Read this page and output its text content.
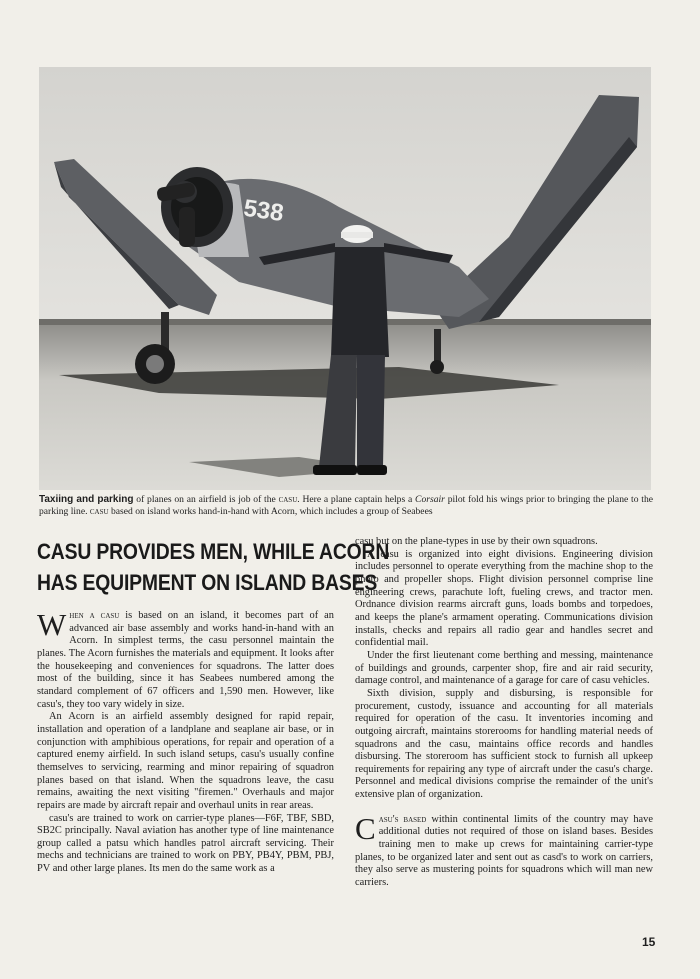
538
Taxiing and parking of planes on an airfield is job of the casu. Here a plane captain helps a Corsair pilot fold his wings prior to bringing the plane to the parking line. casu based on island works hand-in-hand with Acorn, which includes a group of Seabees
CASU PROVIDES MEN, WHILE ACORN
HAS EQUIPMENT ON ISLAND BASES

When a casu is based on an island, it becomes part of an advanced air base assembly and works hand-in-hand with an Acorn. In simplest terms, the casu personnel maintain the planes. The Acorn furnishes the materials and equipment. It looks after the housekeeping and conveniences for squadrons. The latter does most of the building, since it has Seabees numbered among the standard complement of 67 officers and 1,590 men. However, like casu's, they too vary widely in size.

An Acorn is an airfield assembly designed for rapid repair, installation and operation of a landplane and seaplane air base, or in conjunction with amphibious operations, for repair and operation of a captured enemy airfield. In such island setups, casu's usually confine themselves to servicing, rearming and minor repairing of squadron planes based on that island. When the squadrons leave, the casu remains, awaiting the next visiting "firemen." Overhauls and major repairs are made by aircraft repair and overhaul units in rear areas.

casu's are trained to work on carrier-type planes—F6F, TBF, SBD, SB2C principally. Naval aviation has another type of line maintenance group called a patsu which handles patrol aircraft servicing. Their mechs and technicians are trained to work on PBY, PB4Y, PBM, PBJ, PV and other large planes. Its men do the same work as a

casu but on the plane-types in use by their own squadrons.

A casu is organized into eight divisions. Engineering division includes personnel to operate everything from the machine shop to the photo and propeller shops. Flight division personnel comprise line engineering crews, parachute loft, fueling crews, and tractor men. Ordnance division rearms aircraft guns, loads bombs and torpedoes, and keeps the plane's armament operating. Communications division installs, checks and repairs all radio gear and handles secret and confidential mail.

Under the first lieutenant come berthing and messing, maintenance of buildings and grounds, carpenter shop, fire and air raid security, damage control, and maintenance of a garage for care of casu vehicles.

Sixth division, supply and disbursing, is responsible for procurement, custody, issuance and accounting for all materials required for operation of the casu. It inventories incoming and outgoing aircraft, maintains storerooms for handling material needs of squadrons and the casu, maintains office records and handles disbursing. The storeroom has sufficient stock to furnish all upkeep requirements for repairing any type of aircraft under the casu's charge. Personnel and medical divisions comprise the remainder of the unit's extensive plan of organization.

Casu's based within continental limits of the country may have additional duties not required of those on island bases. Besides training men to make up crews for maintaining carrier-type planes, to be organized later and sent out as casd's to work on carriers, they also serve as mustering points for squadrons which will man new carriers.

15
